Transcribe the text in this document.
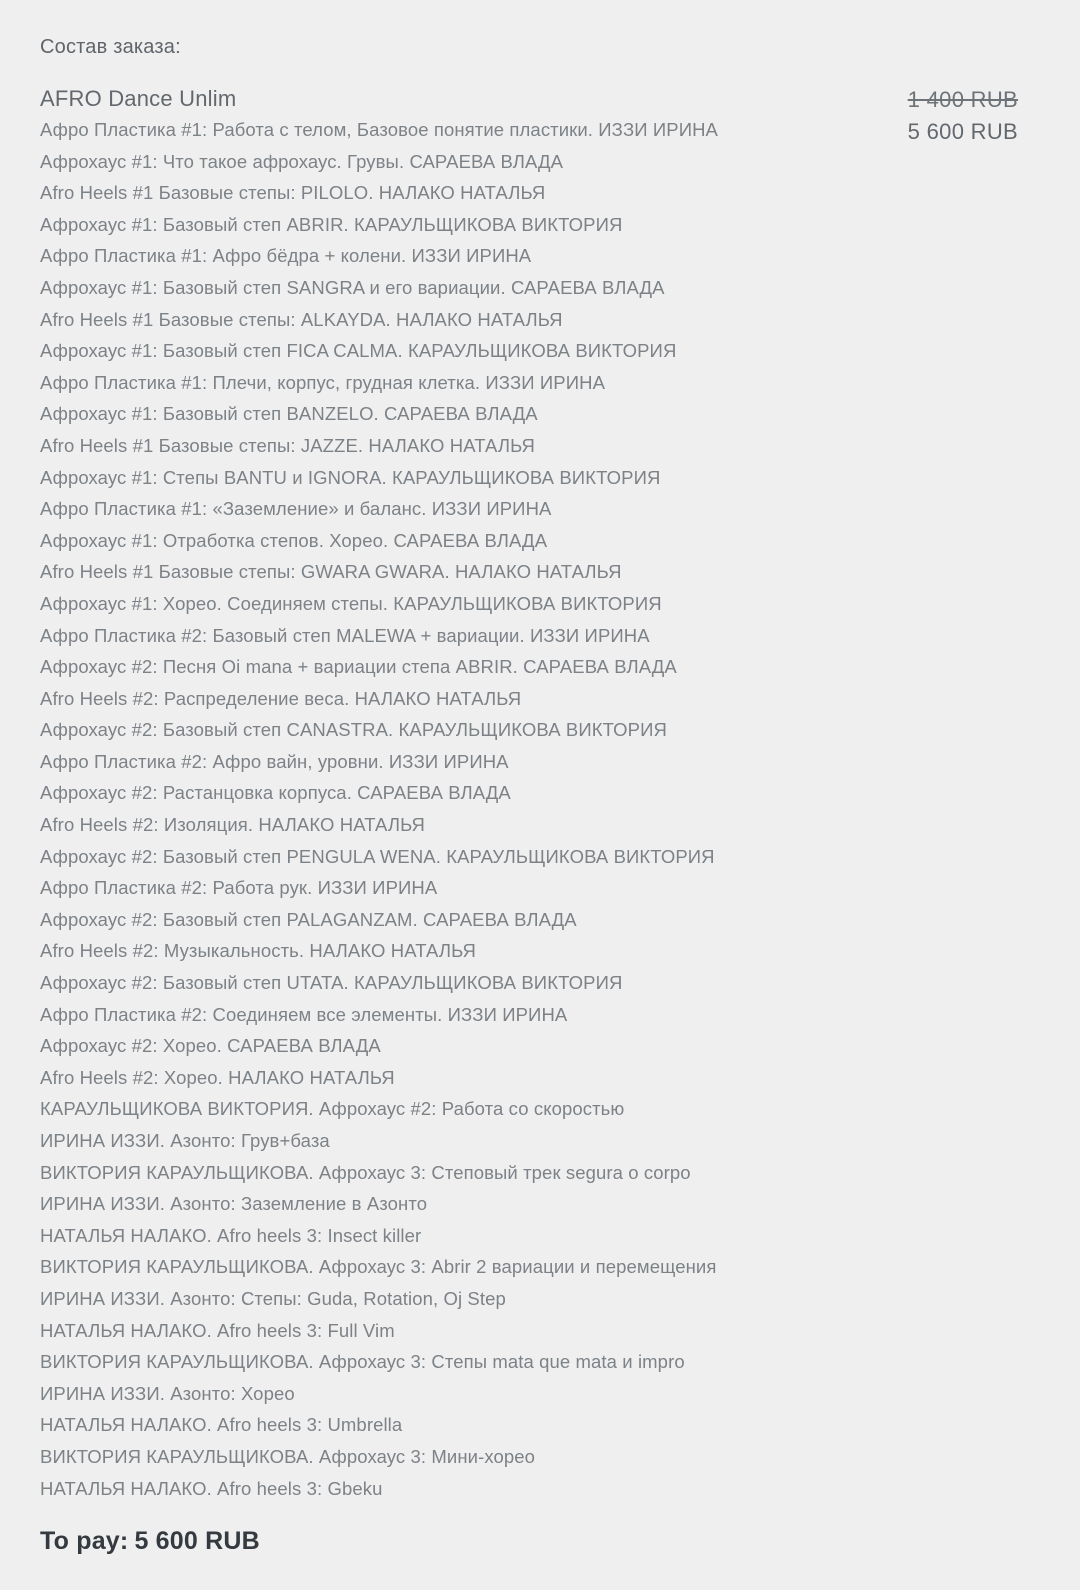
Состав заказа:
1 400 RUB
5 600 RUB
AFRO Dance Unlim
Афро Пластика #1: Работа с телом, Базовое понятие пластики. ИЗЗИ ИРИНА
Афрохаус #1: Что такое афрохаус. Грувы. САРАЕВА ВЛАДА
Afro Heels #1 Базовые степы: PILOLO. НАЛАКО НАТАЛЬЯ
Афрохаус #1: Базовый степ ABRIR. КАРАУЛЬЩИКОВА ВИКТОРИЯ
Афро Пластика #1: Афро бёдра + колени. ИЗЗИ ИРИНА
Афрохаус #1: Базовый степ SANGRA и его вариации. САРАЕВА ВЛАДА
Afro Heels #1 Базовые степы: ALKAYDA. НАЛАКО НАТАЛЬЯ
Афрохаус #1: Базовый степ FICA CALMA. КАРАУЛЬЩИКОВА ВИКТОРИЯ
Афро Пластика #1: Плечи, корпус, грудная клетка. ИЗЗИ ИРИНА
Афрохаус #1: Базовый степ BANZELO. САРАЕВА ВЛАДА
Afro Heels #1 Базовые степы: JAZZE. НАЛАКО НАТАЛЬЯ
Афрохаус #1: Степы BANTU и IGNORA. КАРАУЛЬЩИКОВА ВИКТОРИЯ
Афро Пластика #1: «Заземление» и баланс. ИЗЗИ ИРИНА
Афрохаус #1: Отработка степов. Хорео. САРАЕВА ВЛАДА
Afro Heels #1 Базовые степы: GWARA GWARA. НАЛАКО НАТАЛЬЯ
Афрохаус #1: Хорео. Соединяем степы. КАРАУЛЬЩИКОВА ВИКТОРИЯ
Афро Пластика #2: Базовый степ MALEWA + вариации. ИЗЗИ ИРИНА
Афрохаус #2: Песня Oi mana + вариации степа ABRIR. САРАЕВА ВЛАДА
Afro Heels #2: Распределение веса. НАЛАКО НАТАЛЬЯ
Афрохаус #2: Базовый степ CANASTRA. КАРАУЛЬЩИКОВА ВИКТОРИЯ
Афро Пластика #2: Афро вайн, уровни. ИЗЗИ ИРИНА
Афрохаус #2: Растанцовка корпуса. САРАЕВА ВЛАДА
Afro Heels #2: Изоляция. НАЛАКО НАТАЛЬЯ
Афрохаус #2: Базовый степ PENGULA WENA. КАРАУЛЬЩИКОВА ВИКТОРИЯ
Афро Пластика #2: Работа рук. ИЗЗИ ИРИНА
Афрохаус #2: Базовый степ PALAGANZAM. САРАЕВА ВЛАДА
Afro Heels #2: Музыкальность. НАЛАКО НАТАЛЬЯ
Афрохаус #2: Базовый степ UTATA. КАРАУЛЬЩИКОВА ВИКТОРИЯ
Афро Пластика #2: Соединяем все элементы. ИЗЗИ ИРИНА
Афрохаус #2: Хорео. САРАЕВА ВЛАДА
Afro Heels #2: Хорео. НАЛАКО НАТАЛЬЯ
КАРАУЛЬЩИКОВА ВИКТОРИЯ. Афрохаус #2: Работа со скоростью
ИРИНА ИЗЗИ. Азонто: Грув+база
ВИКТОРИЯ КАРАУЛЬЩИКОВА. Афрохаус 3: Степовый трек segura o corpo
ИРИНА ИЗЗИ. Азонто: Заземление в Азонто
НАТАЛЬЯ НАЛАКО. Afro heels 3: Insect killer
ВИКТОРИЯ КАРАУЛЬЩИКОВА. Афрохаус 3: Abrir 2 вариации и перемещения
ИРИНА ИЗЗИ. Азонто: Степы: Guda, Rotation, Oj Step
НАТАЛЬЯ НАЛАКО. Afro heels 3: Full Vim
ВИКТОРИЯ КАРАУЛЬЩИКОВА. Афрохаус 3: Степы mata que mata и impro
ИРИНА ИЗЗИ. Азонто: Хорео
НАТАЛЬЯ НАЛАКО. Afro heels 3: Umbrella
ВИКТОРИЯ КАРАУЛЬЩИКОВА. Афрохаус 3: Мини-хорео
НАТАЛЬЯ НАЛАКО. Afro heels 3: Gbeku
To pay: 5 600 RUB
